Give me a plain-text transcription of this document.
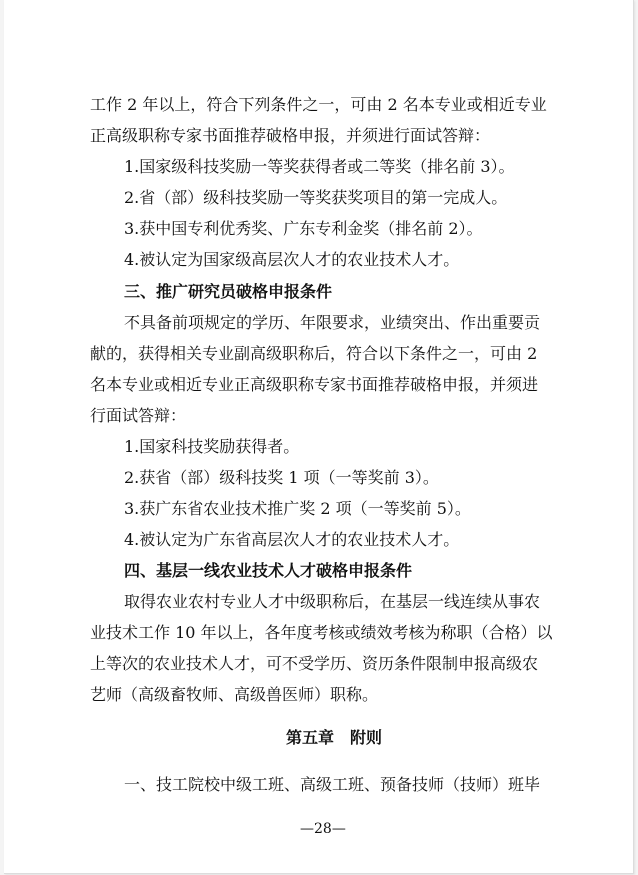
工作 2 年以上，符合下列条件之一，可由 2 名本专业或相近专业
正高级职称专家书面推荐破格申报，并须进行面试答辩：
1.国家级科技奖励一等奖获得者或二等奖（排名前 3）。
2.省（部）级科技奖励一等奖获奖项目的第一完成人。
3.获中国专利优秀奖、广东专利金奖（排名前 2）。
4.被认定为国家级高层次人才的农业技术人才。
三、推广研究员破格申报条件
不具备前项规定的学历、年限要求，业绩突出、作出重要贡
献的，获得相关专业副高级职称后，符合以下条件之一，可由 2
名本专业或相近专业正高级职称专家书面推荐破格申报，并须进
行面试答辩：
1.国家科技奖励获得者。
2.获省（部）级科技奖 1 项（一等奖前 3）。
3.获广东省农业技术推广奖 2 项（一等奖前 5）。
4.被认定为广东省高层次人才的农业技术人才。
四、基层一线农业技术人才破格申报条件
取得农业农村专业人才中级职称后，在基层一线连续从事农
业技术工作 10 年以上，各年度考核或绩效考核为称职（合格）以
上等次的农业技术人才，可不受学历、资历条件限制申报高级农
艺师（高级畜牧师、高级兽医师）职称。
第五章　附则
一、技工院校中级工班、高级工班、预备技师（技师）班毕
—28—
